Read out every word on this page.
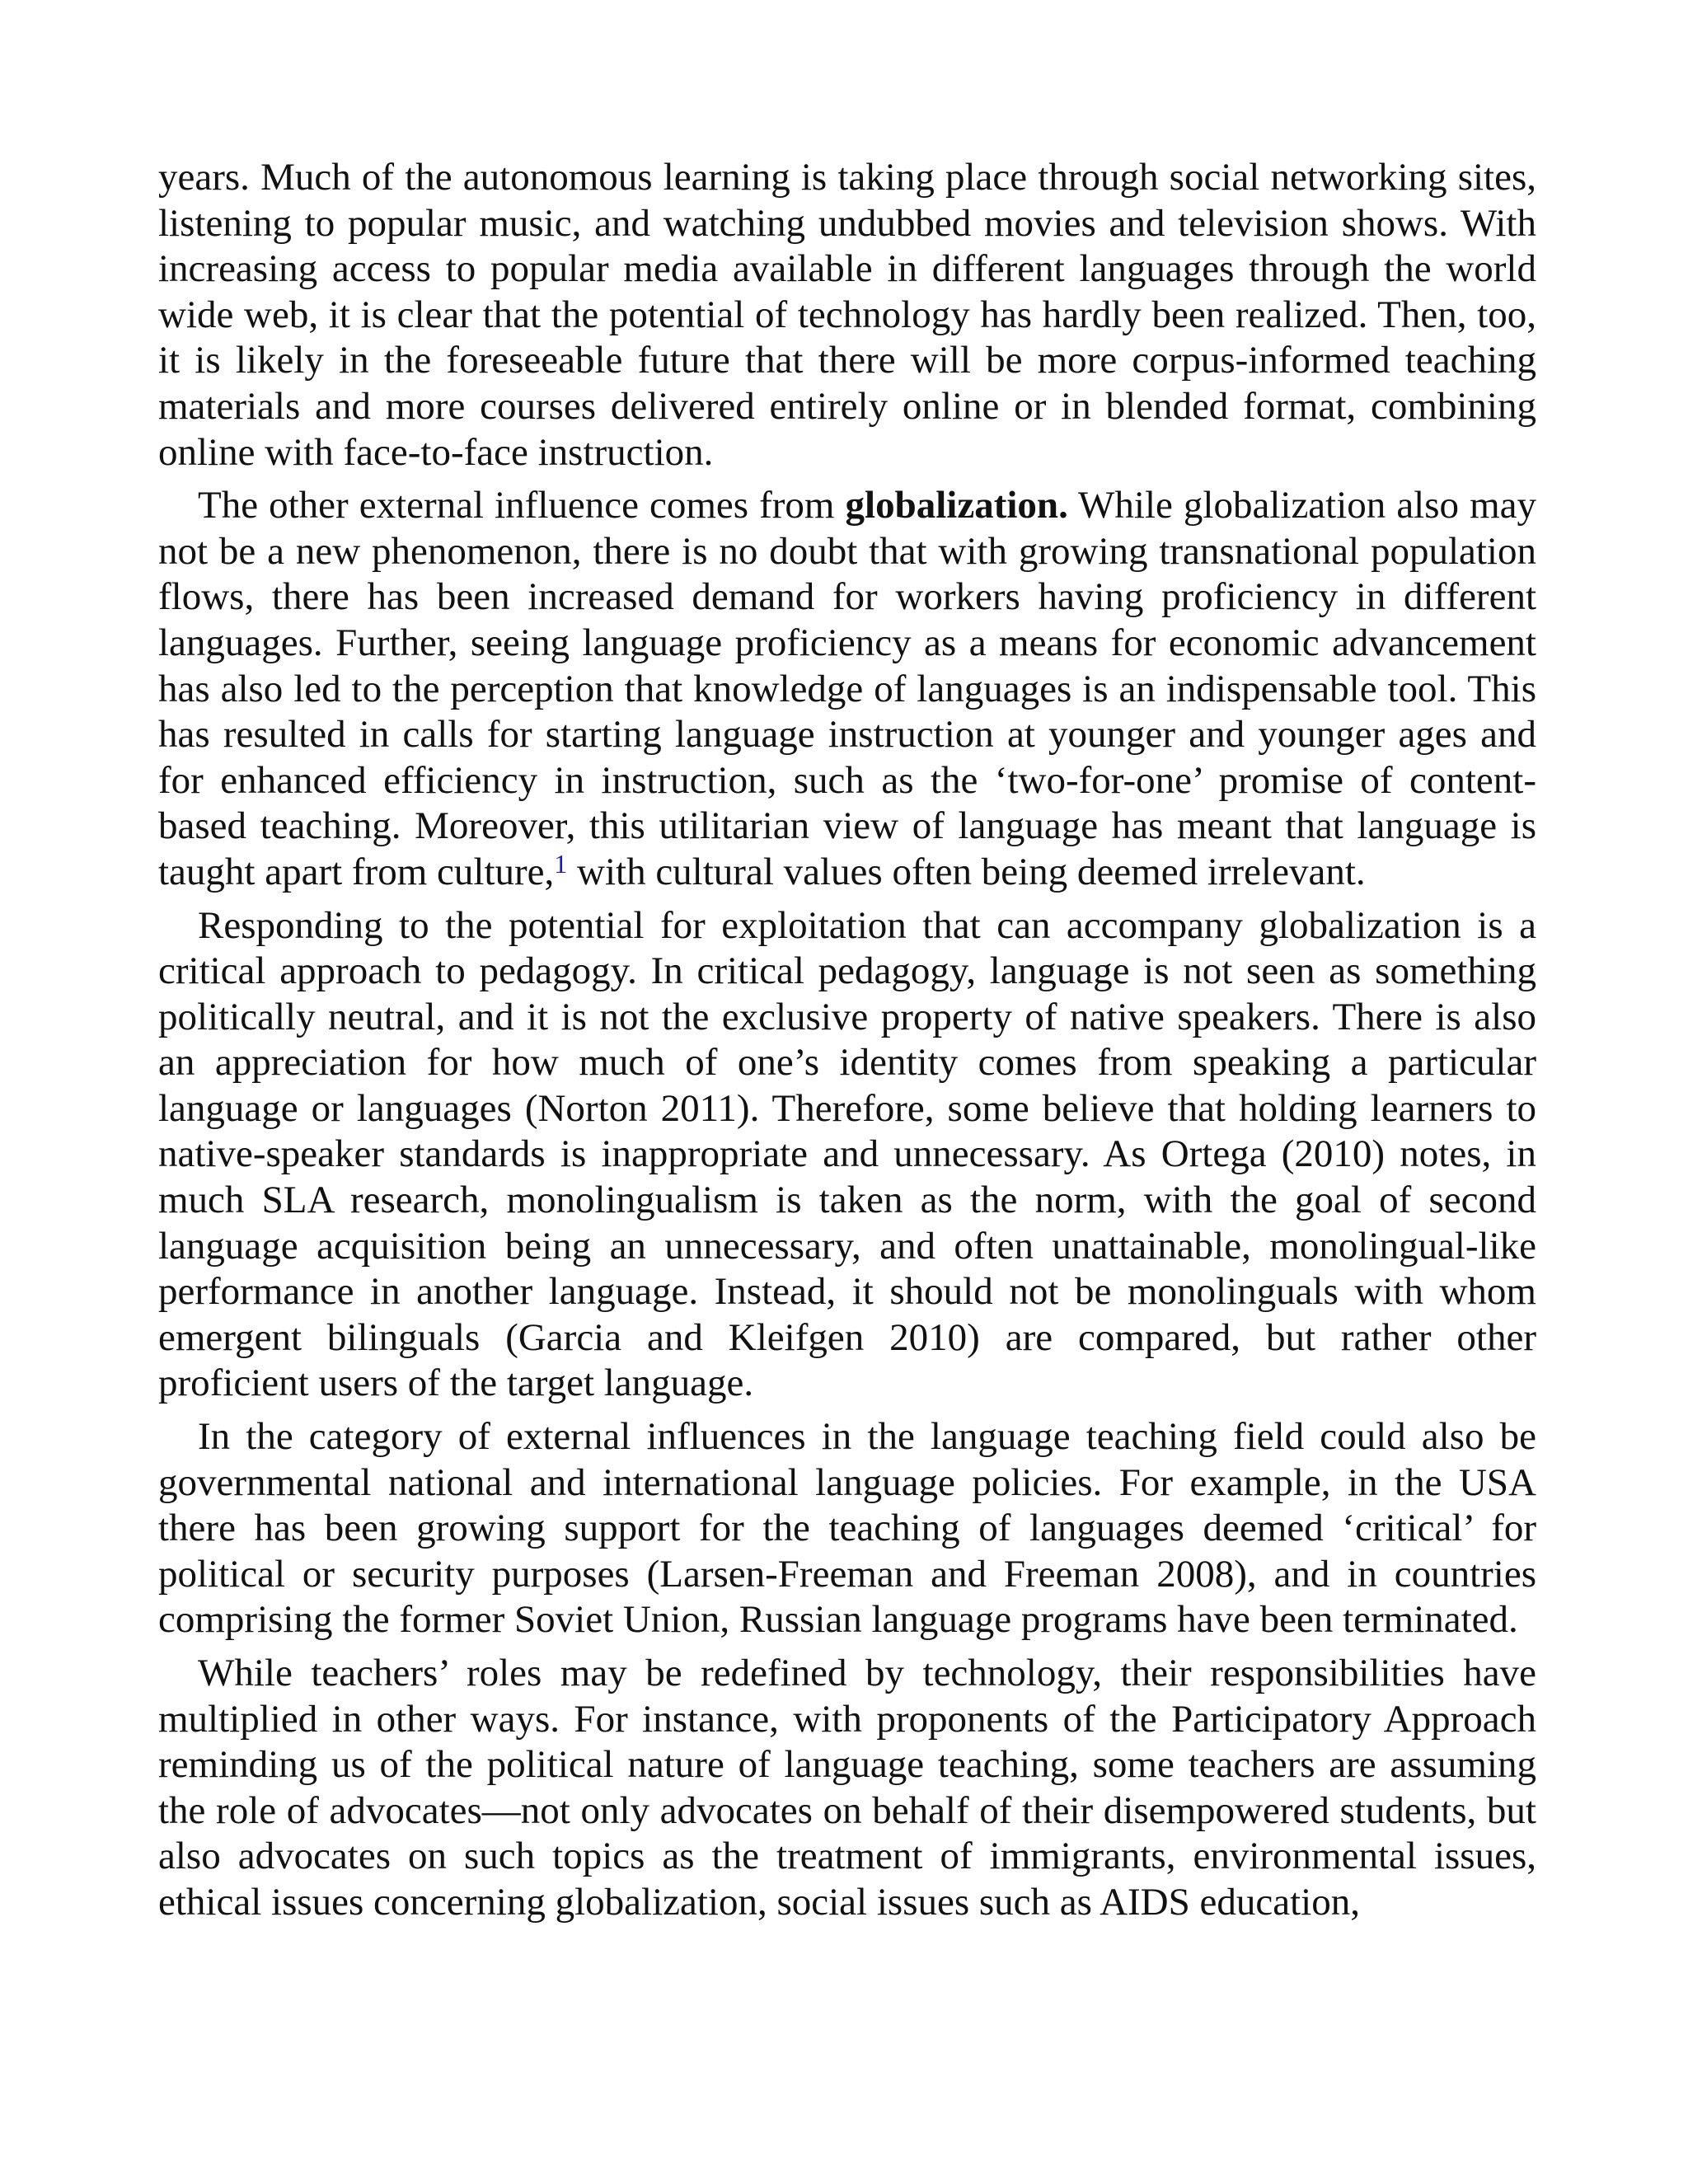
years. Much of the autonomous learning is taking place through social networking sites, listening to popular music, and watching undubbed movies and television shows. With increasing access to popular media available in different languages through the world wide web, it is clear that the potential of technology has hardly been realized. Then, too, it is likely in the foreseeable future that there will be more corpus-informed teaching materials and more courses delivered entirely online or in blended format, combining online with face-to-face instruction.

The other external influence comes from globalization. While globalization also may not be a new phenomenon, there is no doubt that with growing transnational population flows, there has been increased demand for workers having proficiency in different languages. Further, seeing language proficiency as a means for economic advancement has also led to the perception that knowledge of languages is an indispensable tool. This has resulted in calls for starting language instruction at younger and younger ages and for enhanced efficiency in instruction, such as the ‘two-for-one’ promise of content-based teaching. Moreover, this utilitarian view of language has meant that language is taught apart from culture,$^1$ with cultural values often being deemed irrelevant.

Responding to the potential for exploitation that can accompany globalization is a critical approach to pedagogy. In critical pedagogy, language is not seen as something politically neutral, and it is not the exclusive property of native speakers. There is also an appreciation for how much of one’s identity comes from speaking a particular language or languages (Norton 2011). Therefore, some believe that holding learners to native-speaker standards is inappropriate and unnecessary. As Ortega (2010) notes, in much SLA research, monolingualism is taken as the norm, with the goal of second language acquisition being an unnecessary, and often unattainable, monolingual-like performance in another language. Instead, it should not be monolinguals with whom emergent bilinguals (Garcia and Kleifgen 2010) are compared, but rather other proficient users of the target language.

In the category of external influences in the language teaching field could also be governmental national and international language policies. For example, in the USA there has been growing support for the teaching of languages deemed ‘critical’ for political or security purposes (Larsen-Freeman and Freeman 2008), and in countries comprising the former Soviet Union, Russian language programs have been terminated.

While teachers’ roles may be redefined by technology, their responsibilities have multiplied in other ways. For instance, with proponents of the Participatory Approach reminding us of the political nature of language teaching, some teachers are assuming the role of advocates—not only advocates on behalf of their disempowered students, but also advocates on such topics as the treatment of immigrants, environmental issues, ethical issues concerning globalization, social issues such as AIDS education,
